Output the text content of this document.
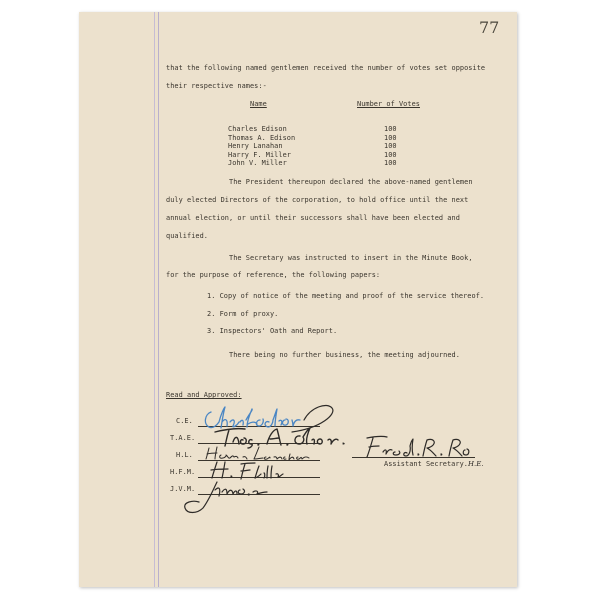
77
that the following named gentlemen received the number of votes set opposite
their respective names:-
Name	Number of Votes
Charles Edison	100
Thomas A. Edison	100
Henry Lanahan	100
Harry F. Miller	100
John V. Miller	100
The President thereupon declared the above-named gentlemen
duly elected Directors of the corporation, to hold office until the next
annual election, or until their successors shall have been elected and
qualified.
The Secretary was instructed to insert in the Minute Book,
for the purpose of reference, the following papers:
1. Copy of notice of the meeting and proof of the service thereof.
2. Form of proxy.
3. Inspectors' Oath and Report.
There being no further business, the meeting adjourned.
Read and Approved:
C.E.
T.A.E.
H.L.
H.F.M.
J.V.M.
Assistant Secretary.H.E.
